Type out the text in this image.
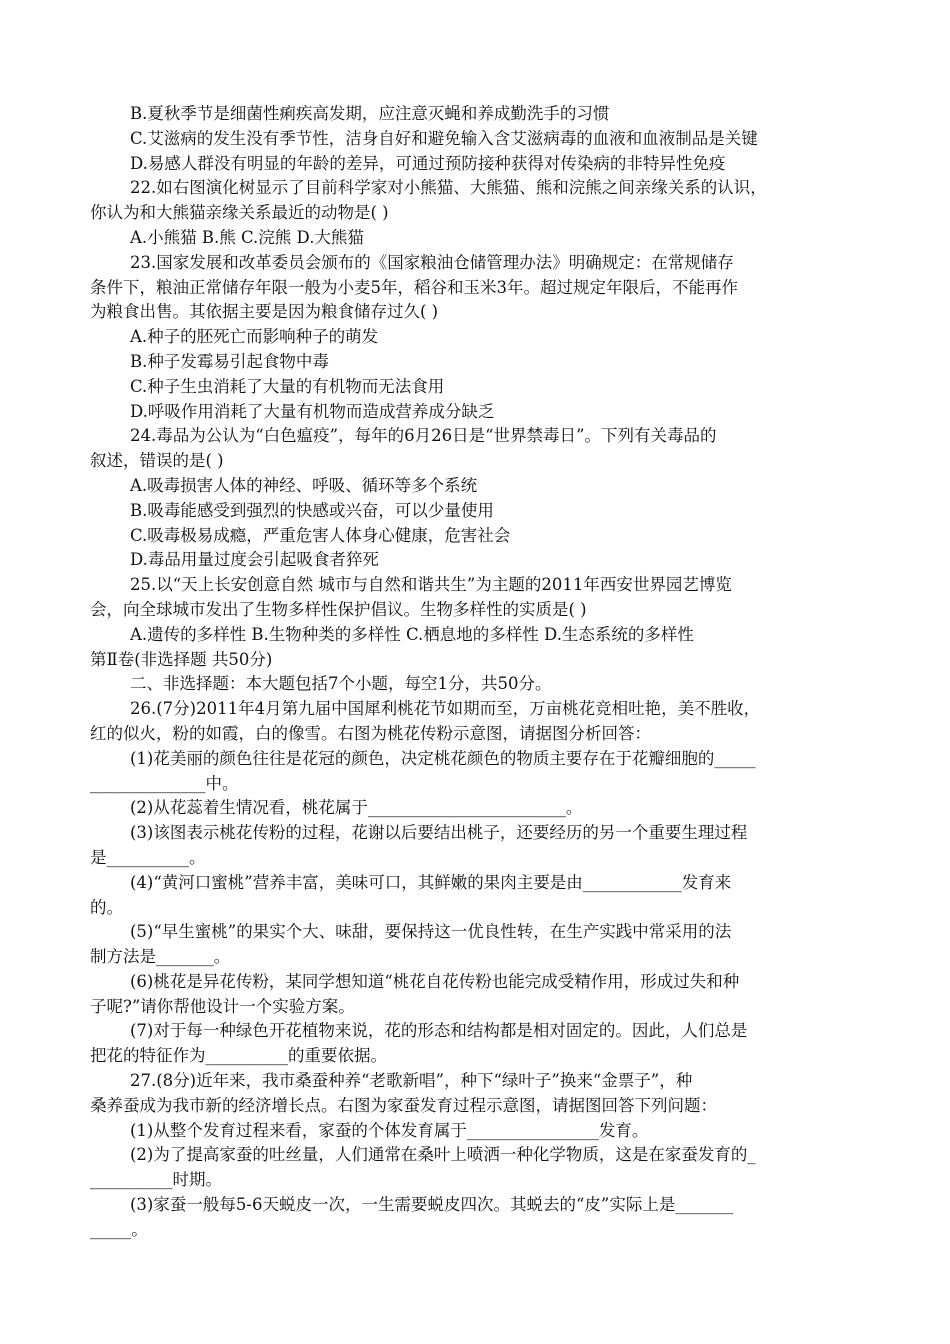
B.夏秋季节是细菌性痢疾高发期，应注意灭蝇和养成勤洗手的习惯
C.艾滋病的发生没有季节性，洁身自好和避免输入含艾滋病毒的血液和血液制品是关键
D.易感人群没有明显的年龄的差异，可通过预防接种获得对传染病的非特异性免疫
22.如右图演化树显示了目前科学家对小熊猫、大熊猫、熊和浣熊之间亲缘关系的认识，
你认为和大熊猫亲缘关系最近的动物是( )
A.小熊猫 B.熊 C.浣熊 D.大熊猫
23.国家发展和改革委员会颁布的《国家粮油仓储管理办法》明确规定：在常规储存
条件下，粮油正常储存年限一般为小麦5年，稻谷和玉米3年。超过规定年限后，不能再作
为粮食出售。其依据主要是因为粮食储存过久( )
A.种子的胚死亡而影响种子的萌发
B.种子发霉易引起食物中毒
C.种子生虫消耗了大量的有机物而无法食用
D.呼吸作用消耗了大量有机物而造成营养成分缺乏
24.毒品为公认为“白色瘟疫”，每年的6月26日是“世界禁毒日”。下列有关毒品的
叙述，错误的是( )
A.吸毒损害人体的神经、呼吸、循环等多个系统
B.吸毒能感受到强烈的快感或兴奋，可以少量使用
C.吸毒极易成瘾，严重危害人体身心健康，危害社会
D.毒品用量过度会引起吸食者猝死
25.以“天上长安创意自然 城市与自然和谐共生”为主题的2011年西安世界园艺博览
会，向全球城市发出了生物多样性保护倡议。生物多样性的实质是( )
A.遗传的多样性 B.生物种类的多样性 C.栖息地的多样性 D.生态系统的多样性
第Ⅱ卷(非选择题 共50分)
二、非选择题：本大题包括7个小题，每空1分，共50分。
26.(7分)2011年4月第九届中国犀利桃花节如期而至，万亩桃花竞相吐艳，美不胜收，
红的似火，粉的如霞，白的像雪。右图为桃花传粉示意图，请据图分析回答：
(1)花美丽的颜色往往是花冠的颜色，决定桃花颜色的物质主要存在于花瓣细胞的_____
______________中。
(2)从花蕊着生情况看，桃花属于________________________。
(3)该图表示桃花传粉的过程，花谢以后要结出桃子，还要经历的另一个重要生理过程
是__________。
(4)“黄河口蜜桃”营养丰富，美味可口，其鲜嫩的果肉主要是由____________发育来
的。
(5)“早生蜜桃”的果实个大、味甜，要保持这一优良性转，在生产实践中常采用的法
制方法是_______。
(6)桃花是异花传粉，某同学想知道“桃花自花传粉也能完成受精作用，形成过失和种
子呢?”请你帮他设计一个实验方案。
(7)对于每一种绿色开花植物来说，花的形态和结构都是相对固定的。因此，人们总是
把花的特征作为__________的重要依据。
27.(8分)近年来，我市桑蚕种养“老歌新唱”，种下“绿叶子”换来“金票子”，种
桑养蚕成为我市新的经济增长点。右图为家蚕发育过程示意图，请据图回答下列问题：
(1)从整个发育过程来看，家蚕的个体发育属于________________发育。
(2)为了提高家蚕的吐丝量，人们通常在桑叶上喷洒一种化学物质，这是在家蚕发育的_
__________时期。
(3)家蚕一般每5-6天蜕皮一次，一生需要蜕皮四次。其蜕去的“皮”实际上是_______
_____。
